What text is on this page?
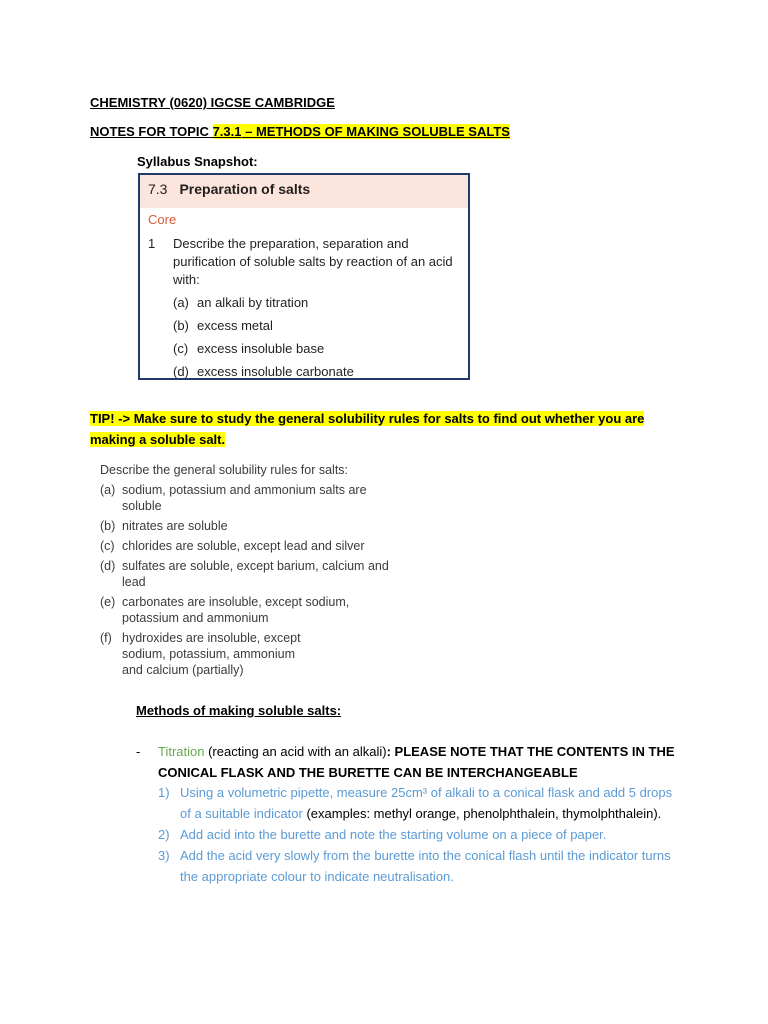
CHEMISTRY (0620) IGCSE CAMBRIDGE
NOTES FOR TOPIC 7.3.1 – METHODS OF MAKING SOLUBLE SALTS
Syllabus Snapshot:
7.3 Preparation of salts
Core
1 Describe the preparation, separation and purification of soluble salts by reaction of an acid with:
(a) an alkali by titration
(b) excess metal
(c) excess insoluble base
(d) excess insoluble carbonate
TIP! -> Make sure to study the general solubility rules for salts to find out whether you are making a soluble salt.
Describe the general solubility rules for salts:
(a) sodium, potassium and ammonium salts are soluble
(b) nitrates are soluble
(c) chlorides are soluble, except lead and silver
(d) sulfates are soluble, except barium, calcium and lead
(e) carbonates are insoluble, except sodium, potassium and ammonium
(f) hydroxides are insoluble, except sodium, potassium, ammonium and calcium (partially)
Methods of making soluble salts:
- Titration (reacting an acid with an alkali): PLEASE NOTE THAT THE CONTENTS IN THE CONICAL FLASK AND THE BURETTE CAN BE INTERCHANGEABLE
1) Using a volumetric pipette, measure 25cm³ of alkali to a conical flask and add 5 drops of a suitable indicator (examples: methyl orange, phenolphthalein, thymolphthalein).
2) Add acid into the burette and note the starting volume on a piece of paper.
3) Add the acid very slowly from the burette into the conical flash until the indicator turns the appropriate colour to indicate neutralisation.
